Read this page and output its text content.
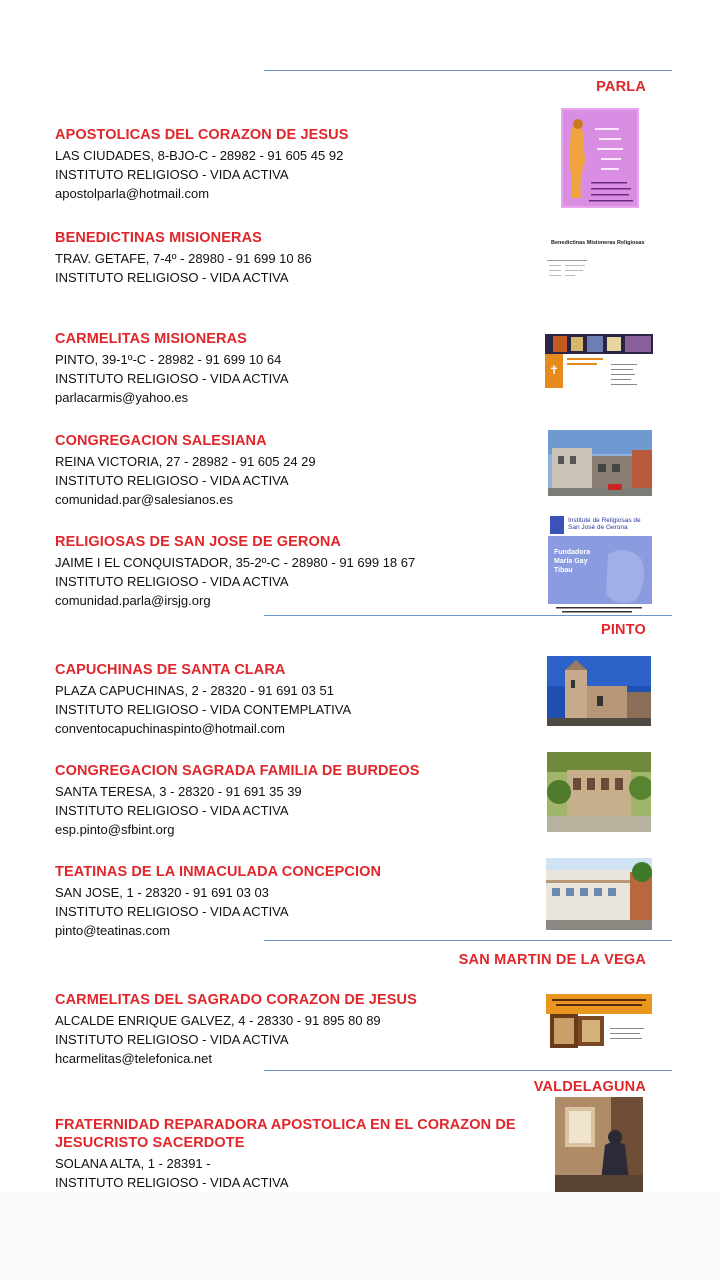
PARLA
APOSTOLICAS DEL CORAZON DE JESUS
LAS CIUDADES, 8-BJO-C - 28982 - 91 605 45 92
INSTITUTO RELIGIOSO - VIDA ACTIVA
apostolparla@hotmail.com
BENEDICTINAS MISIONERAS
TRAV. GETAFE, 7-4º - 28980 - 91 699 10 86
INSTITUTO RELIGIOSO - VIDA ACTIVA
Benedictinas Misioneras Religiosas
CARMELITAS MISIONERAS
PINTO, 39-1º-C - 28982 - 91 699 10 64
INSTITUTO RELIGIOSO - VIDA ACTIVA
parlacarmis@yahoo.es
✝
CONGREGACION SALESIANA
REINA VICTORIA, 27 - 28982 - 91 605 24 29
INSTITUTO RELIGIOSO - VIDA ACTIVA
comunidad.par@salesianos.es
RELIGIOSAS DE SAN JOSE DE GERONA
JAIME I EL CONQUISTADOR, 35-2º-C - 28980 - 91 699 18 67
INSTITUTO RELIGIOSO - VIDA ACTIVA
comunidad.parla@irsjg.org
Institute de Religiosas de San José de Gerona
Fundadora María Gay Tibau
PINTO
CAPUCHINAS DE SANTA CLARA
PLAZA CAPUCHINAS, 2 - 28320 - 91 691 03 51
INSTITUTO RELIGIOSO - VIDA CONTEMPLATIVA
conventocapuchinaspinto@hotmail.com
CONGREGACION SAGRADA FAMILIA DE BURDEOS
SANTA TERESA, 3 - 28320 - 91 691 35 39
INSTITUTO RELIGIOSO - VIDA ACTIVA
esp.pinto@sfbint.org
TEATINAS DE LA INMACULADA CONCEPCION
SAN JOSE, 1 - 28320 - 91 691 03 03
INSTITUTO RELIGIOSO - VIDA ACTIVA
pinto@teatinas.com
SAN MARTIN DE LA VEGA
CARMELITAS DEL SAGRADO CORAZON DE JESUS
ALCALDE ENRIQUE GALVEZ, 4 - 28330 - 91 895 80 89
INSTITUTO RELIGIOSO - VIDA ACTIVA
hcarmelitas@telefonica.net
VALDELAGUNA
FRATERNIDAD REPARADORA APOSTOLICA EN EL CORAZON DE JESUCRISTO SACERDOTE
SOLANA ALTA, 1 - 28391 -
INSTITUTO RELIGIOSO - VIDA ACTIVA
